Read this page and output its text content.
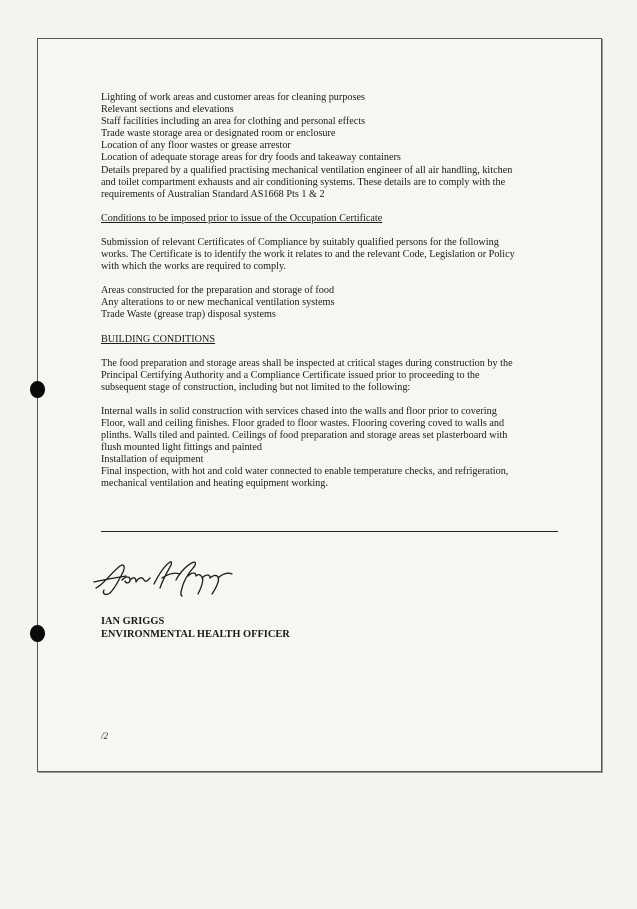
Lighting of work areas and customer areas for cleaning purposes
Relevant sections and elevations
Staff facilities including an area for clothing and personal effects
Trade waste storage area or designated room or enclosure
Location of any floor wastes or grease arrestor
Location of adequate storage areas for dry foods and takeaway containers
Details prepared by a qualified practising mechanical ventilation engineer of all air handling, kitchen
and toilet compartment exhausts and air conditioning systems. These details are to comply with the
requirements of Australian Standard AS1668 Pts 1 & 2
Conditions to be imposed prior to issue of the Occupation Certificate
Submission of relevant Certificates of Compliance by suitably qualified persons for the following
works. The Certificate is to identify the work it relates to and the relevant Code, Legislation or Policy
with which the works are required to comply.
Areas constructed for the preparation and storage of food
Any alterations to or new mechanical ventilation systems
Trade Waste (grease trap) disposal systems
BUILDING CONDITIONS
The food preparation and storage areas shall be inspected at critical stages during construction by the
Principal Certifying Authority and a Compliance Certificate issued prior to proceeding to the
subsequent stage of construction, including but not limited to the following:
Internal walls in solid construction with services chased into the walls and floor prior to covering
Floor, wall and ceiling finishes. Floor graded to floor wastes. Flooring covering coved to walls and
plinths. Walls tiled and painted. Ceilings of food preparation and storage areas set plasterboard with
flush mounted light fittings and painted
Installation of equipment
Final inspection, with hot and cold water connected to enable temperature checks, and refrigeration,
mechanical ventilation and heating equipment working.
IAN GRIGGS
ENVIRONMENTAL HEALTH OFFICER
/2
